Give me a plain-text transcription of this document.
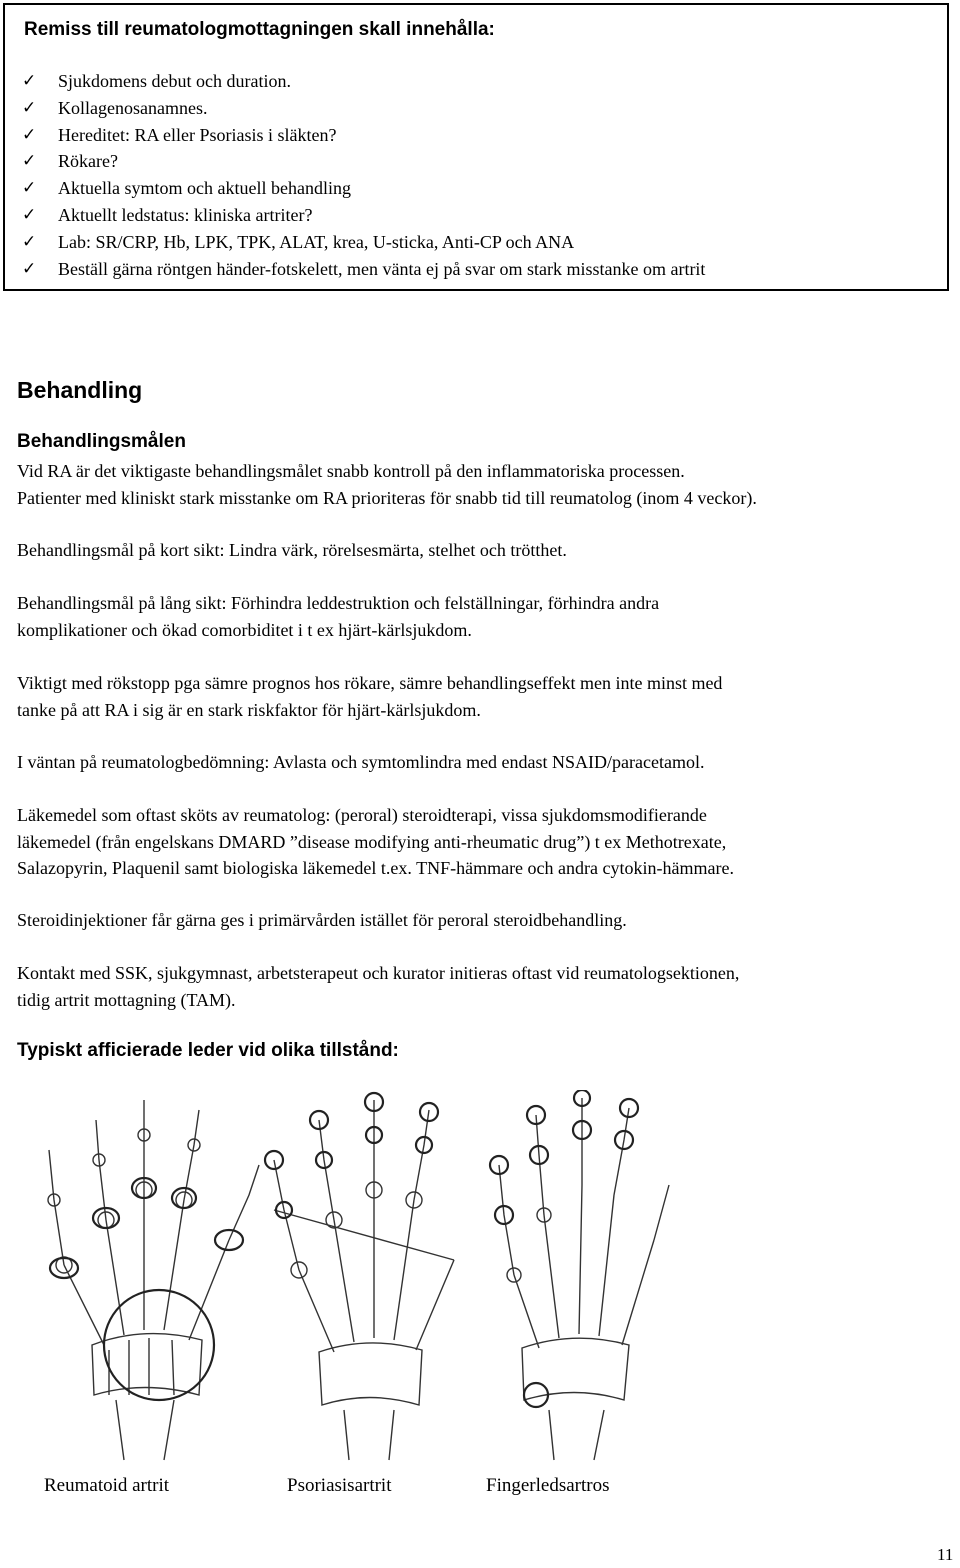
Remiss till reumatologmottagningen skall innehålla:
✓	Sjukdomens debut och duration.
✓	Kollagenosanamnes.
✓	Hereditet: RA eller Psoriasis i släkten?
✓	Rökare?
✓	Aktuella symtom och aktuell behandling
✓	Aktuellt ledstatus: kliniska artriter?
✓	Lab: SR/CRP, Hb, LPK, TPK, ALAT, krea, U-sticka, Anti-CP och ANA
✓	Beställ gärna röntgen händer-fotskelett, men vänta ej på svar om stark misstanke om artrit
Behandling
Behandlingsmålen

Vid RA är det viktigaste behandlingsmålet snabb kontroll på den inflammatoriska processen.
Patienter med kliniskt stark misstanke om RA prioriteras för snabb tid till reumatolog (inom 4 veckor).

Behandlingsmål på kort sikt: Lindra värk, rörelsesmärta, stelhet och trötthet.

Behandlingsmål på lång sikt: Förhindra leddestruktion och felställningar, förhindra andra
komplikationer och ökad comorbiditet i t ex hjärt-kärlsjukdom.

Viktigt med rökstopp pga sämre prognos hos rökare, sämre behandlingseffekt men inte minst med
tanke på att RA i sig är en stark riskfaktor för hjärt-kärlsjukdom.

I väntan på reumatologbedömning: Avlasta och symtomlindra med endast NSAID/paracetamol.

Läkemedel som oftast sköts av reumatolog: (peroral) steroidterapi, vissa sjukdomsmodifierande
läkemedel (från engelskans DMARD ”disease modifying anti-rheumatic drug”) t ex Methotrexate,
Salazopyrin, Plaquenil samt biologiska läkemedel t.ex. TNF-hämmare och andra cytokin-hämmare.

Steroidinjektioner får gärna ges i primärvården istället för peroral steroidbehandling.

Kontakt med SSK, sjukgymnast, arbetsterapeut och kurator initieras oftast vid reumatologsektionen,
tidig artrit mottagning (TAM).

Typiskt afficierade leder vid olika tillstånd:
Reumatoid artrit	Psoriasisartrit	Fingerledsartros
11
